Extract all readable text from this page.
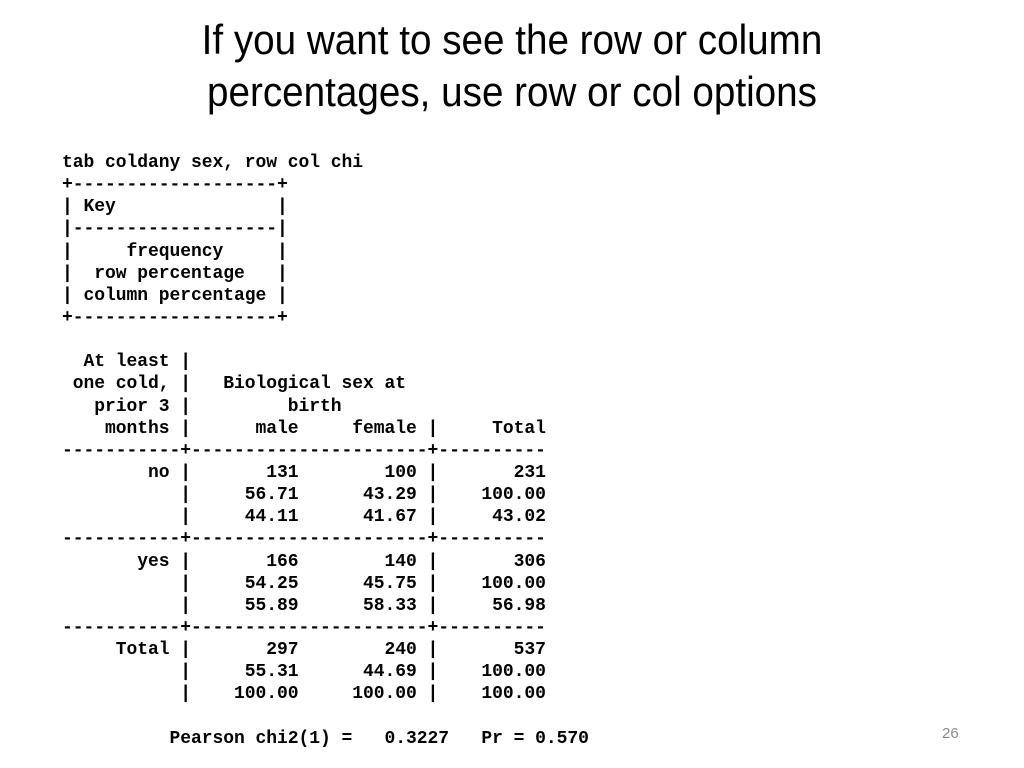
If you want to see the row or column
percentages, use row or col options
tab coldany sex, row col chi
+-------------------+
| Key               |
|-------------------|
|     frequency     |
|  row percentage   |
| column percentage |
+-------------------+
At least |
one cold, |   Biological sex at
prior 3 |         birth
months |      male     female |     Total
-----------+----------------------+----------
no |       131        100 |       231
|     56.71      43.29 |    100.00
|     44.11      41.67 |     43.02
-----------+----------------------+----------
yes |       166        140 |       306
|     54.25      45.75 |    100.00
|     55.89      58.33 |     56.98
-----------+----------------------+----------
Total |       297        240 |       537
|     55.31      44.69 |    100.00
|    100.00     100.00 |    100.00
Pearson chi2(1) =   0.3227   Pr = 0.570	26
